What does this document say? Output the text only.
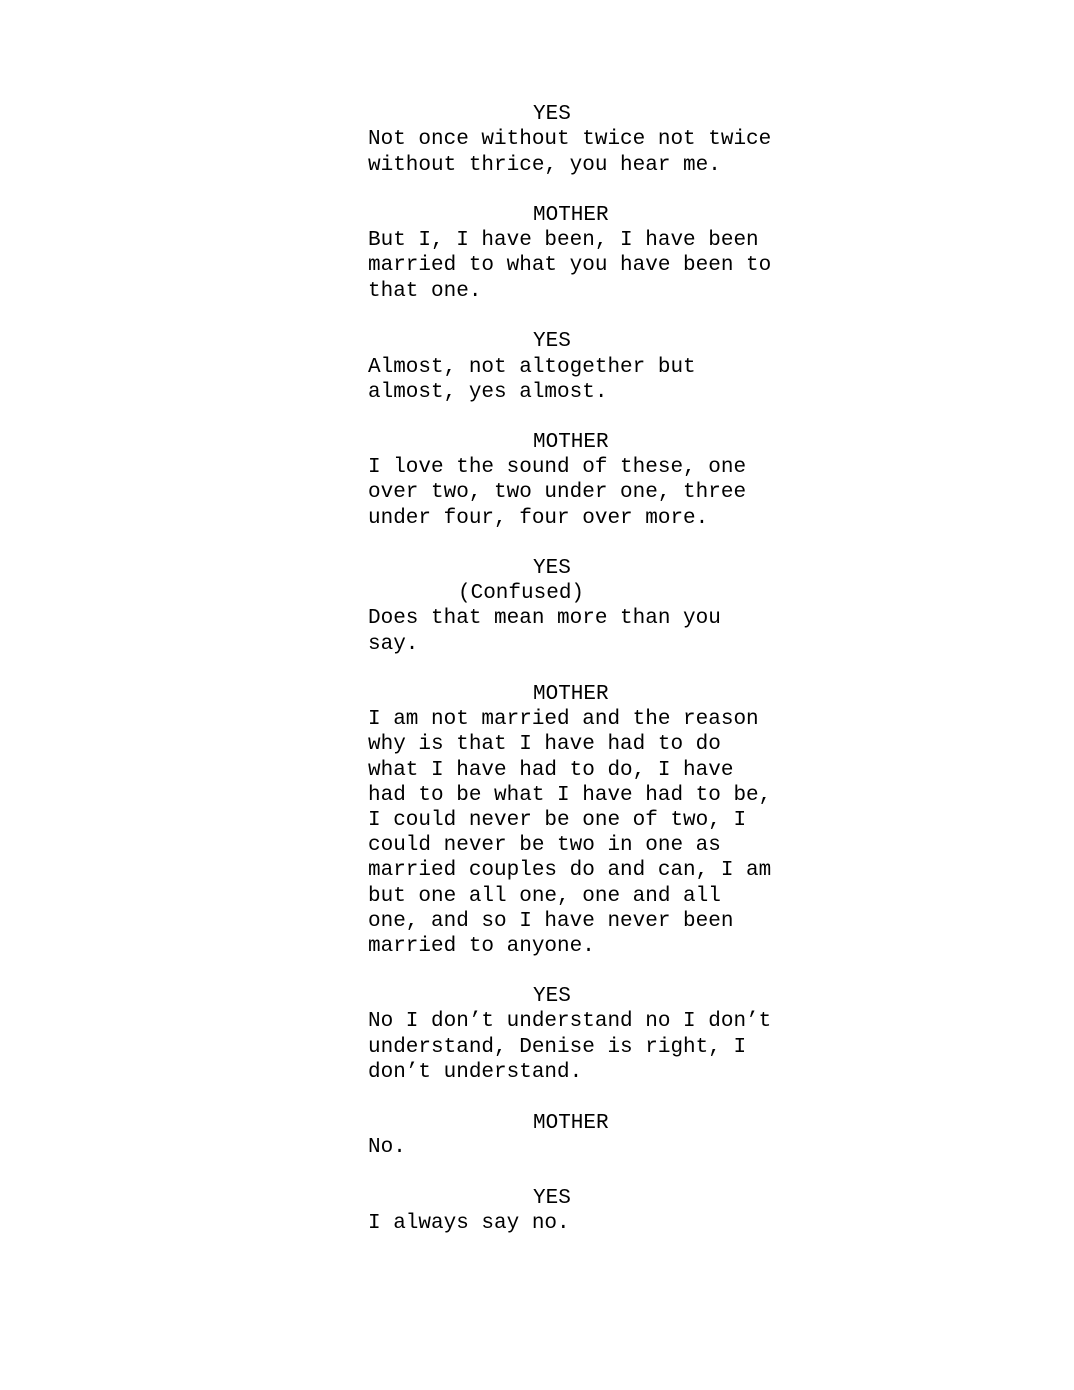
YES
Not once without twice not twice
without thrice, you hear me.
MOTHER
But I, I have been, I have been
married to what you have been to
that one.
YES
Almost, not altogether but
almost, yes almost.
MOTHER
I love the sound of these, one
over two, two under one, three
under four, four over more.
YES
(Confused)
Does that mean more than you
say.
MOTHER
I am not married and the reason
why is that I have had to do
what I have had to do, I have
had to be what I have had to be,
I could never be one of two, I
could never be two in one as
married couples do and can, I am
but one all one, one and all
one, and so I have never been
married to anyone.
YES
No I don’t understand no I don’t
understand, Denise is right, I
don’t understand.
MOTHER
No.
YES
I always say no.
